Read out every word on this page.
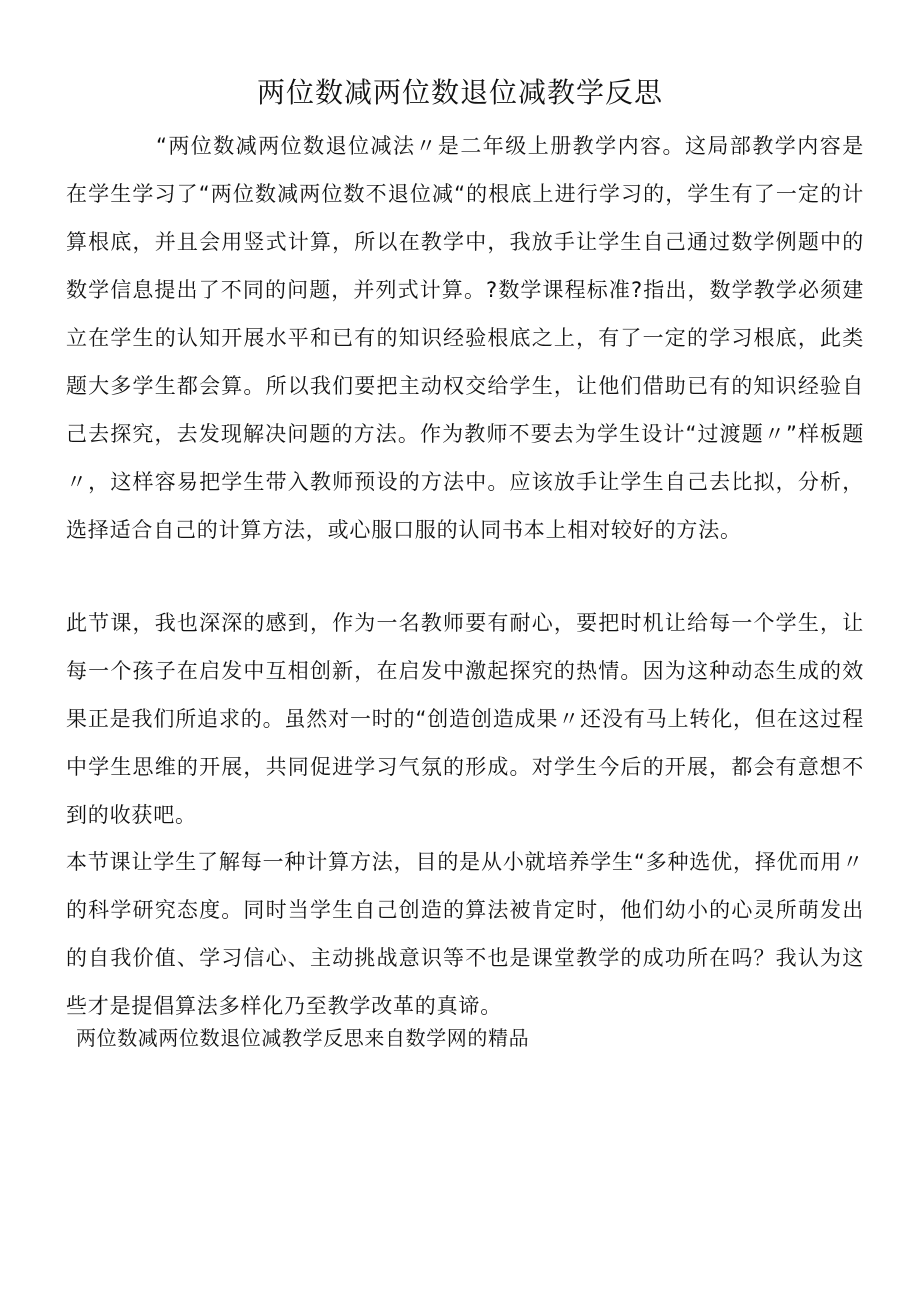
两位数减两位数退位减教学反思

“两位数减两位数退位减法〃是二年级上册教学内容。这局部教学内容是在学生学习了“两位数减两位数不退位减“的根底上进行学习的，学生有了一定的计算根底，并且会用竖式计算，所以在教学中，我放手让学生自己通过数学例题中的数学信息提出了不同的问题，并列式计算。?数学课程标准?指出，数学教学必须建立在学生的认知开展水平和已有的知识经验根底之上，有了一定的学习根底，此类题大多学生都会算。所以我们要把主动权交给学生，让他们借助已有的知识经验自己去探究，去发现解决问题的方法。作为教师不要去为学生设计“过渡题〃”样板题〃，这样容易把学生带入教师预设的方法中。应该放手让学生自己去比拟，分析，选择适合自己的计算方法，或心服口服的认同书本上相对较好的方法。

此节课，我也深深的感到，作为一名教师要有耐心，要把时机让给每一个学生，让每一个孩子在启发中互相创新，在启发中激起探究的热情。因为这种动态生成的效果正是我们所追求的。虽然对一时的“创造创造成果〃还没有马上转化，但在这过程中学生思维的开展，共同促进学习气氛的形成。对学生今后的开展，都会有意想不到的收获吧。

本节课让学生了解每一种计算方法，目的是从小就培养学生“多种选优，择优而用〃的科学研究态度。同时当学生自己创造的算法被肯定时，他们幼小的心灵所萌发出的自我价值、学习信心、主动挑战意识等不也是课堂教学的成功所在吗？我认为这些才是提倡算法多样化乃至教学改革的真谛。

两位数减两位数退位减教学反思来自数学网的精品
